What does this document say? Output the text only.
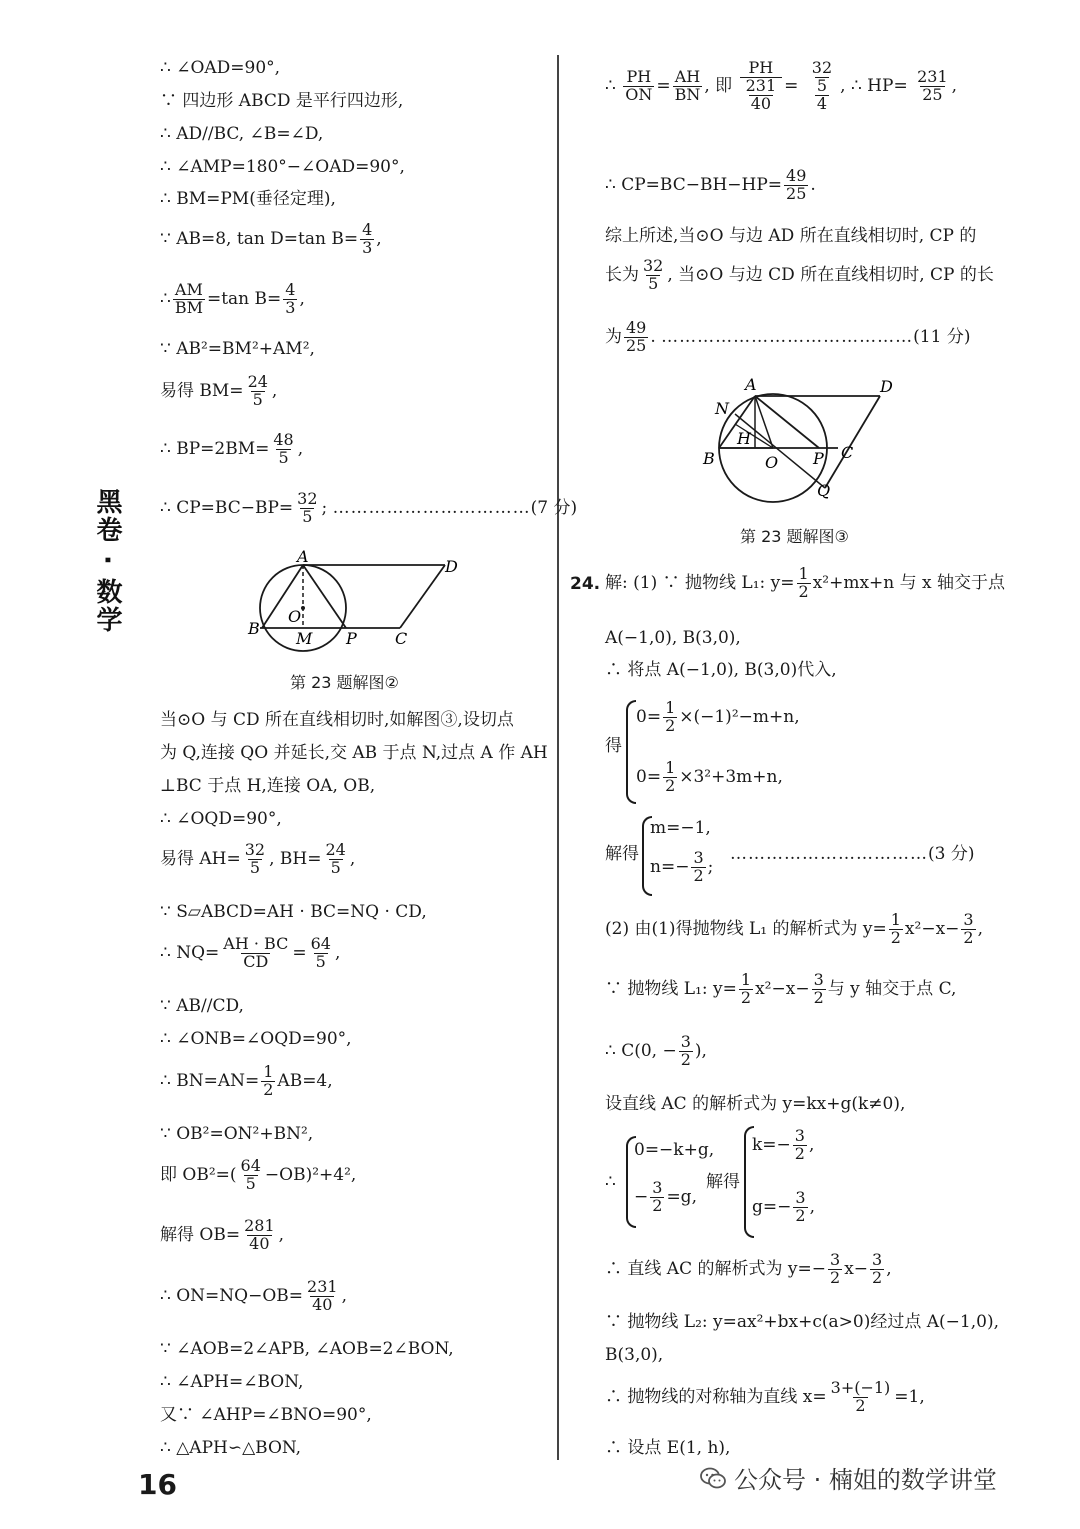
黑卷 · 数学
16
∴ ∠OAD=90°,
∵ 四边形 ABCD 是平行四边形,
∴ AD//BC, ∠B=∠D,
∴ ∠AMP=180°−∠OAD=90°,
∴ BM=PM(垂径定理),
∵ AB=8, tan D=tan $B= \frac{4}{3}$ ,
∴ $\frac{AM}{BM} =\tan$ $B= \frac{4}{3}$ ,
∵ AB²=BM²+AM²,
易得 $BM= \frac{24}{5}$ ,
∴ $BP=2BM= \frac{48}{5}$ ,
∴ $CP=BC-BP= \frac{32}{5}$ ; ……………………………(7 分)
A
B
O
M P C
D
第 23 题解图②
当⊙O 与 CD 所在直线相切时,如解图③,设切点
为 Q,连接 QO 并延长,交 AB 于点 N,过点 A 作 AH
⊥BC 于点 H,连接 OA, OB,
∴ ∠OQD=90°,
易得 $AH= \frac{32}{5}$ , $BH= \frac{24}{5}$ ,
∵ S▱ABCD=AH · BC=NQ · CD,
∴ $NQ= \frac{AH \cdot BC}{CD} = \frac{64}{5}$ ,
∵ AB//CD,
∴ ∠ONB=∠OQD=90°,
∴ $BN=AN= \frac{1}{2} AB=4$,
∵ OB²=ON²+BN²,
即 $OB^2=( \frac{64}{5} -OB)^2+4^2$,
解得 $OB= \frac{281}{40}$ ,
∴ $ON=NQ-OB= \frac{231}{40}$ ,
∵ ∠AOB=2∠APB, ∠AOB=2∠BON,
∴ ∠APH=∠BON,
又∵ ∠AHP=∠BNO=90°,
∴ △APH∽△BON,
∴ $\frac{PH}{ON} = \frac{AH}{BN}$ , 即 $\frac{PH}{\frac{231}{40}} = \frac{\frac{32}{5}}{4}$ , ∴ $HP= \frac{231}{25}$ ,
∴ $CP=BC-BH-HP= \frac{49}{25}$ .
综上所述,当⊙O 与边 AD 所在直线相切时, CP 的
长为 $\frac{32}{5}$ , 当⊙O 与边 CD 所在直线相切时, CP 的长
为 $\frac{49}{25}$ . ……………………………………(11 分)
A
N
H
B	O P C
D
Q
第 23 题解图③
24. 解: (1) ∵ 抛物线 L₁: $y= \frac{1}{2} x^2+mx+n$ 与 x 轴交于点
A(−1,0), B(3,0),
∴ 将点 A(−1,0), B(3,0)代入,
得
$0= \frac{1}{2} \times(-1)^2-m+n$,
$0= \frac{1}{2} \times 3^2+3m+n$,
解得
m=−1,
$n=- \frac{3}{2}$ ;
……………………………(3 分)
(2) 由(1)得抛物线 L₁ 的解析式为 $y= \frac{1}{2} x^2-x- \frac{3}{2}$ ,
∵ 抛物线 L₁: $y= \frac{1}{2} x^2-x- \frac{3}{2}$ 与 y 轴交于点 C,
∴ C(0, − $\frac{3}{2}$ ),
设直线 AC 的解析式为 y=kx+g(k≠0),
∴
0=−k+g,
− $\frac{3}{2} =g$,
解得
$k=- \frac{3}{2}$ ,
$g=- \frac{3}{2}$ ,
∴ 直线 AC 的解析式为 $y=- \frac{3}{2} x- \frac{3}{2}$ ,
∵ 抛物线 L₂: y=ax²+bx+c(a>0)经过点 A(−1,0),
B(3,0),
∴ 抛物线的对称轴为直线 $x= \frac{3+(-1)}{2} =1$,
∴ 设点 E(1, h),
公众号 · 楠姐的数学讲堂
